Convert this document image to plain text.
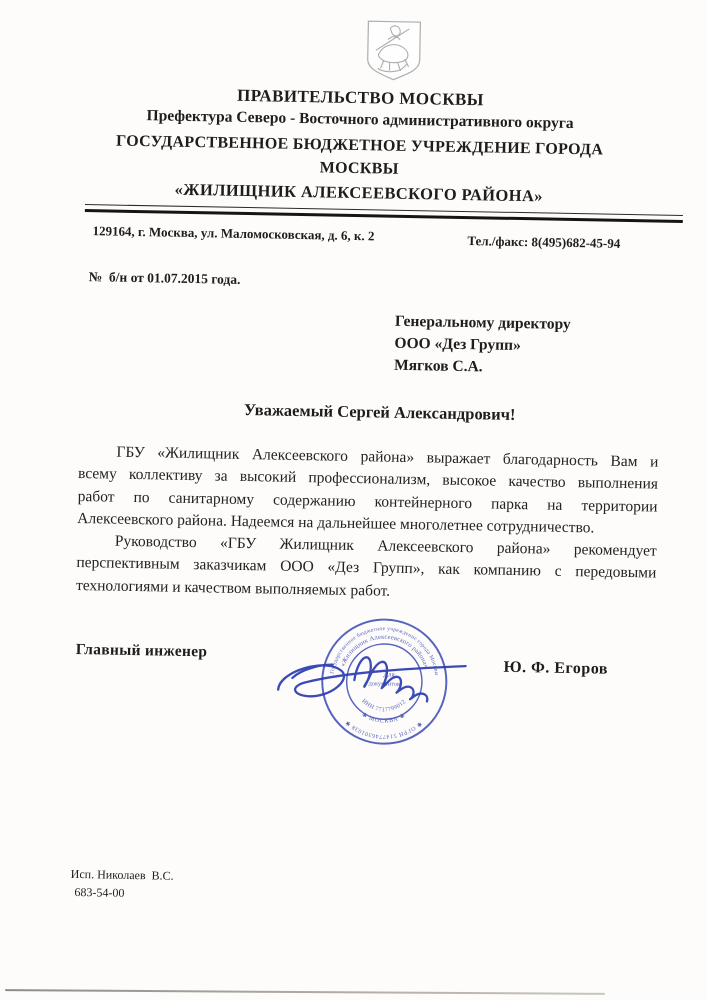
ПРАВИТЕЛЬСТВО МОСКВЫ
Префектура Северо - Восточного административного округа
ГОСУДАРСТВЕННОЕ БЮДЖЕТНОЕ УЧРЕЖДЕНИЕ ГОРОДА МОСКВЫ
«ЖИЛИЩНИК АЛЕКСЕЕВСКОГО РАЙОНА»
129164, г. Москва, ул. Маломосковская, д. 6, к. 2	Тел./факс: 8(495)682-45-94
№  б/н от 01.07.2015 года.
Генеральному директору
ООО «Дез Групп»
Мягков С.А.
Уважаемый Сергей Александрович!
ГБУ «Жилищник Алексеевского района» выражает благодарность Вам и
всему коллективу за высокий профессионализм, высокое качество выполнения
работ по санитарному содержанию контейнерного парка на территории
Алексеевского района. Надеемся на дальнейшее многолетнее сотрудничество.
Руководство «ГБУ Жилищник Алексеевского района» рекомендует
перспективным заказчикам ООО «Дез Групп», как компанию с передовыми
технологиями и качеством выполняемых работ.
Главный инженер
Ю. Ф. Егоров
Государственное бюджетное учреждение города Москвы
✱ ОГРН 5147746301038 ✱
«Жилищник Алексеевского района»
✱ МОСКВА ✱
ИНН 7717799012
Для
документов
Исп. Николаев  В.С.
683-54-00
